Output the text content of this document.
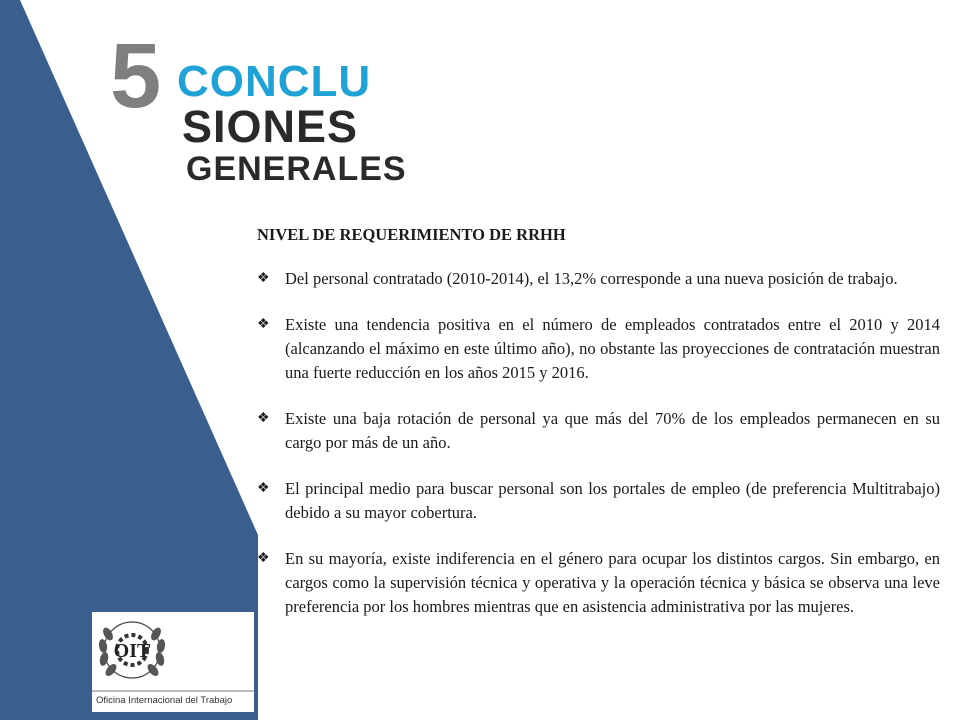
5 CONCLU
SIONES
GENERALES
NIVEL DE REQUERIMIENTO DE RRHH
❖ Del personal contratado (2010-2014), el 13,2% corresponde a una nueva posición de trabajo.
❖ Existe una tendencia positiva en el número de empleados contratados entre el 2010 y 2014 (alcanzando el máximo en este último año), no obstante las proyecciones de contratación muestran una fuerte reducción en los años 2015 y 2016.
❖ Existe una baja rotación de personal ya que más del 70% de los empleados permanecen en su cargo por más de un año.
❖ El principal medio para buscar personal son los portales de empleo (de preferencia Multitrabajo) debido a su mayor cobertura.
❖ En su mayoría, existe indiferencia en el género para ocupar los distintos cargos. Sin embargo, en cargos como la supervisión técnica y operativa y la operación técnica y básica se observa una leve preferencia por los hombres mientras que en asistencia administrativa por las mujeres.
OIT
Oficina Internacional del Trabajo
